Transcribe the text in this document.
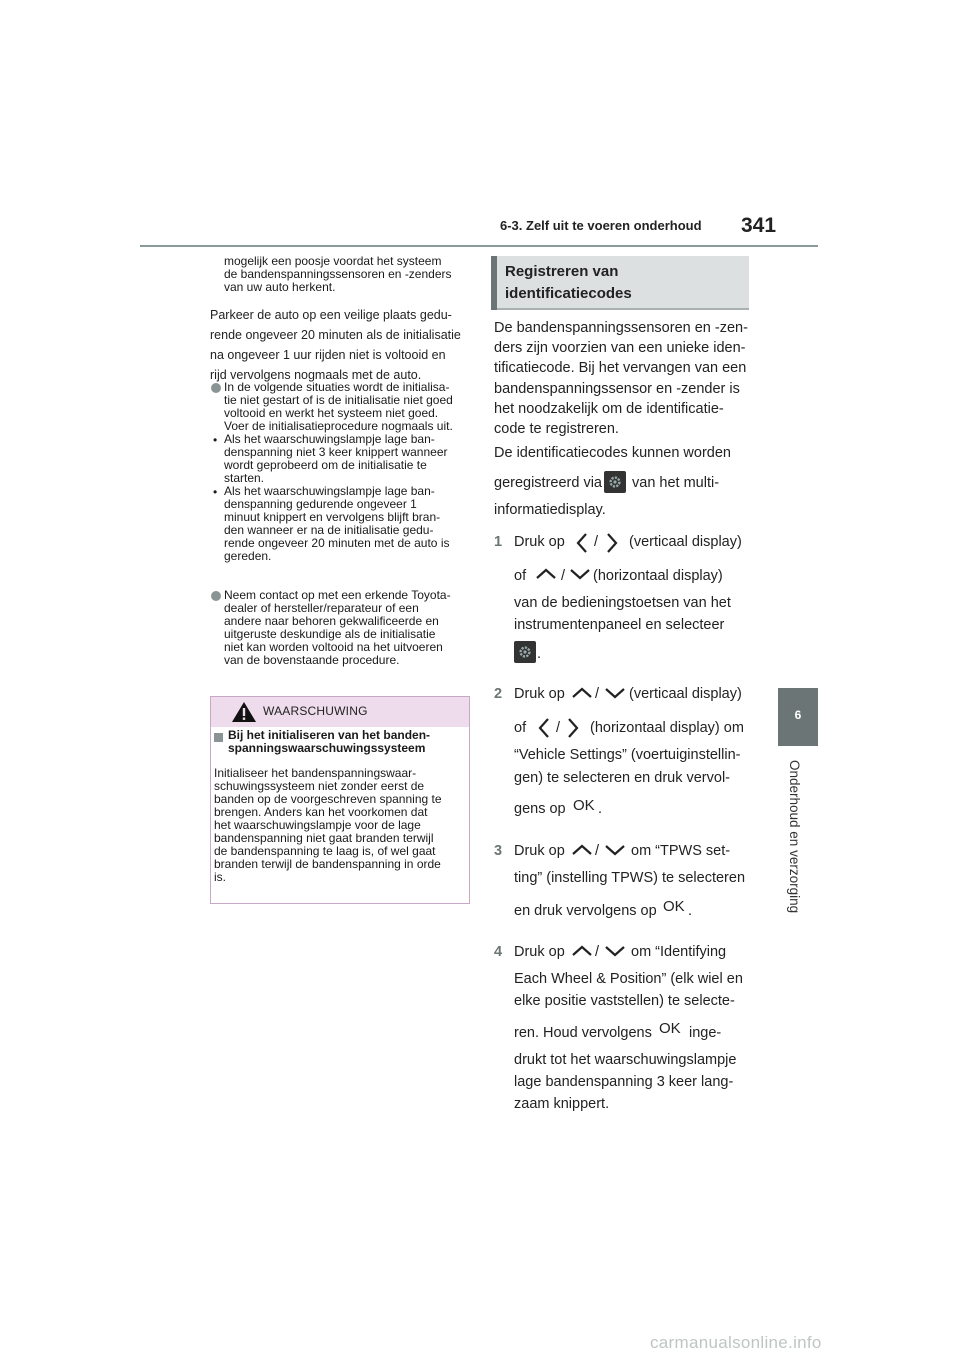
6-3. Zelf uit te voeren onderhoud 341
6
Onderhoud en verzorging
mogelijk een poosje voordat het systeem
de bandenspanningssensoren en -zenders
van uw auto herkent.
Parkeer de auto op een veilige plaats gedu-
rende ongeveer 20 minuten als de initialisatie
na ongeveer 1 uur rijden niet is voltooid en
rijd vervolgens nogmaals met de auto.
In de volgende situaties wordt de initialisa-
tie niet gestart of is de initialisatie niet goed
voltooid en werkt het systeem niet goed.
Voer de initialisatieprocedure nogmaals uit.
• Als het waarschuwingslampje lage ban-
denspanning niet 3 keer knippert wanneer
wordt geprobeerd om de initialisatie te
starten.
• Als het waarschuwingslampje lage ban-
denspanning gedurende ongeveer 1
minuut knippert en vervolgens blijft bran-
den wanneer er na de initialisatie gedu-
rende ongeveer 20 minuten met de auto is
gereden.
Neem contact op met een erkende Toyota-
dealer of hersteller/reparateur of een
andere naar behoren gekwalificeerde en
uitgeruste deskundige als de initialisatie
niet kan worden voltooid na het uitvoeren
van de bovenstaande procedure.
WAARSCHUWING
Bij het initialiseren van het banden-
spanningswaarschuwingssysteem
Initialiseer het bandenspanningswaar-
schuwingssysteem niet zonder eerst de
banden op de voorgeschreven spanning te
brengen. Anders kan het voorkomen dat
het waarschuwingslampje voor de lage
bandenspanning niet gaat branden terwijl
de bandenspanning te laag is, of wel gaat
branden terwijl de bandenspanning in orde
is.
Registreren van
identificatiecodes
De bandenspanningssensoren en -zen-
ders zijn voorzien van een unieke iden-
tificatiecode. Bij het vervangen van een
bandenspanningssensor en -zender is
het noodzakelijk om de identificatie-
code te registreren.
De identificatiecodes kunnen worden
geregistreerd via van het multi-
informatiedisplay.
1 Druk op / (verticaal display)
of / (horizontaal display)
van de bedieningstoetsen van het
instrumentenpaneel en selecteer
.
2 Druk op / (verticaal display)
of / (horizontaal display) om
“Vehicle Settings” (voertuiginstellin-
gen) te selecteren en druk vervol-
gens op OK .
3 Druk op / om “TPWS set-
ting” (instelling TPWS) te selecteren
en druk vervolgens op OK .
4 Druk op / om “Identifying
Each Wheel & Position” (elk wiel en
elke positie vaststellen) te selecte-
ren. Houd vervolgens OK inge-
drukt tot het waarschuwingslampje
lage bandenspanning 3 keer lang-
zaam knippert.
carmanualsonline.info
